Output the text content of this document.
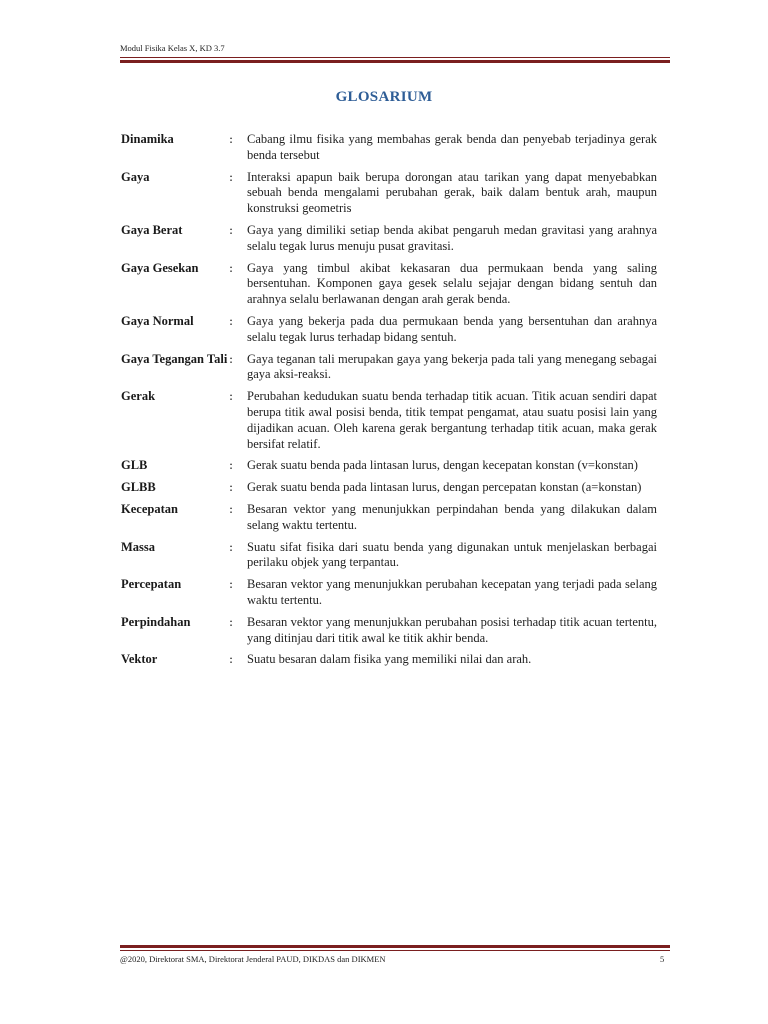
Modul Fisika Kelas X, KD 3.7
GLOSARIUM
Dinamika	:	Cabang ilmu fisika yang membahas gerak benda dan penyebab terjadinya gerak benda tersebut
Gaya	:	Interaksi apapun baik berupa dorongan atau tarikan yang dapat menyebabkan sebuah benda mengalami perubahan gerak, baik dalam bentuk arah, maupun konstruksi geometris
Gaya Berat	:	Gaya yang dimiliki setiap benda akibat pengaruh medan gravitasi yang arahnya selalu tegak lurus menuju pusat gravitasi.
Gaya Gesekan	:	Gaya yang timbul akibat kekasaran dua permukaan benda yang saling bersentuhan. Komponen gaya gesek selalu sejajar dengan bidang sentuh dan arahnya selalu berlawanan dengan arah gerak benda.
Gaya Normal	:	Gaya yang bekerja pada dua permukaan benda yang bersentuhan dan arahnya selalu tegak lurus terhadap bidang sentuh.
Gaya Tegangan Tali :	Gaya teganan tali merupakan gaya yang bekerja pada tali yang menegang sebagai gaya aksi-reaksi.
Gerak	:	Perubahan kedudukan suatu benda terhadap titik acuan. Titik acuan sendiri dapat berupa titik awal posisi benda, titik tempat pengamat, atau suatu posisi lain yang dijadikan acuan. Oleh karena gerak bergantung terhadap titik acuan, maka gerak bersifat relatif.
GLB	:	Gerak suatu benda pada lintasan lurus, dengan kecepatan konstan (v=konstan)
GLBB	:	Gerak suatu benda pada lintasan lurus, dengan percepatan konstan (a=konstan)
Kecepatan	:	Besaran vektor yang menunjukkan perpindahan benda yang dilakukan dalam selang waktu tertentu.
Massa	:	Suatu sifat fisika dari suatu benda yang digunakan untuk menjelaskan berbagai perilaku objek yang terpantau.
Percepatan	:	Besaran vektor yang menunjukkan perubahan kecepatan yang terjadi pada selang waktu tertentu.
Perpindahan	:	Besaran vektor yang menunjukkan perubahan posisi terhadap titik acuan tertentu, yang ditinjau dari titik awal ke titik akhir benda.
Vektor	:	Suatu besaran dalam fisika yang memiliki nilai dan arah.
@2020, Direktorat SMA, Direktorat Jenderal PAUD, DIKDAS dan DIKMEN	5
